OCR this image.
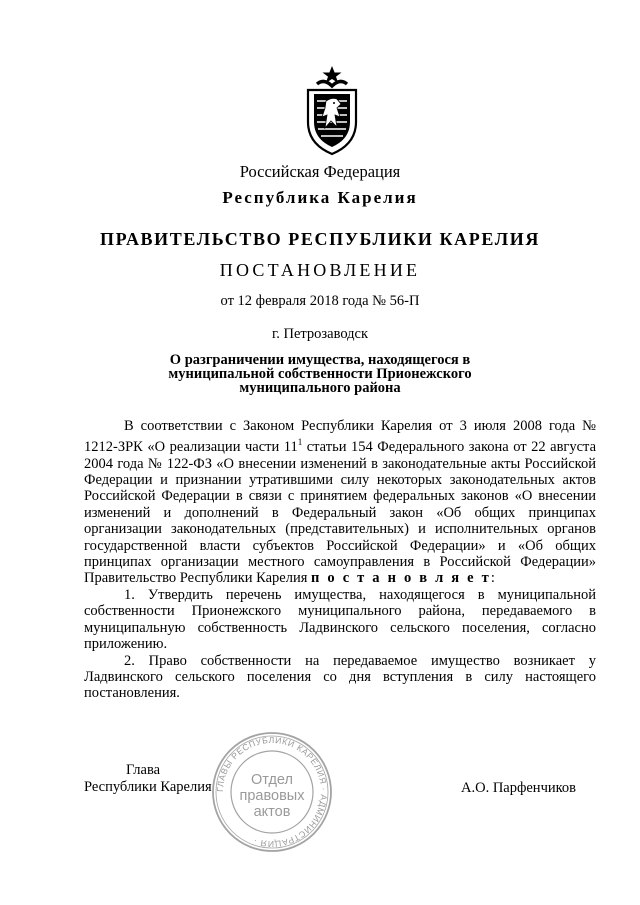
Российская Федерация
Республика Карелия
ПРАВИТЕЛЬСТВО РЕСПУБЛИКИ КАРЕЛИЯ
ПОСТАНОВЛЕНИЕ
от 12 февраля 2018 года № 56-П
г. Петрозаводск
О разграничении имущества, находящегося в
муниципальной собственности Прионежского
муниципального района

В соответствии с Законом Республики Карелия от 3 июля 2008 года № 1212-ЗРК «О реализации части $11^1$ статьи 154 Федерального закона от 22 августа 2004 года № 122-ФЗ «О внесении изменений в законодательные акты Российской Федерации и признании утратившими силу некоторых законодательных актов Российской Федерации в связи с принятием федеральных законов «О внесении изменений и дополнений в Федеральный закон «Об общих принципах организации законодательных (представительных) и исполнительных органов государственной власти субъектов Российской Федерации» и «Об общих принципах организации местного самоуправления в Российской Федерации» Правительство Республики Карелия п о с т а н о в л я е т:

1. Утвердить перечень имущества, находящегося в муниципальной собственности Прионежского муниципального района, передаваемого в муниципальную собственность Ладвинского сельского поселения, согласно приложению.

2. Право собственности на передаваемое имущество возникает у Ладвинского сельского поселения со дня вступления в силу настоящего постановления.

Глава
Республики Карелия	А.О. Парфенчиков
ГЛАВЫ РЕСПУБЛИКИ КАРЕЛИЯ · АДМИНИСТРАЦИЯ ·
Отдел
правовых
актов
